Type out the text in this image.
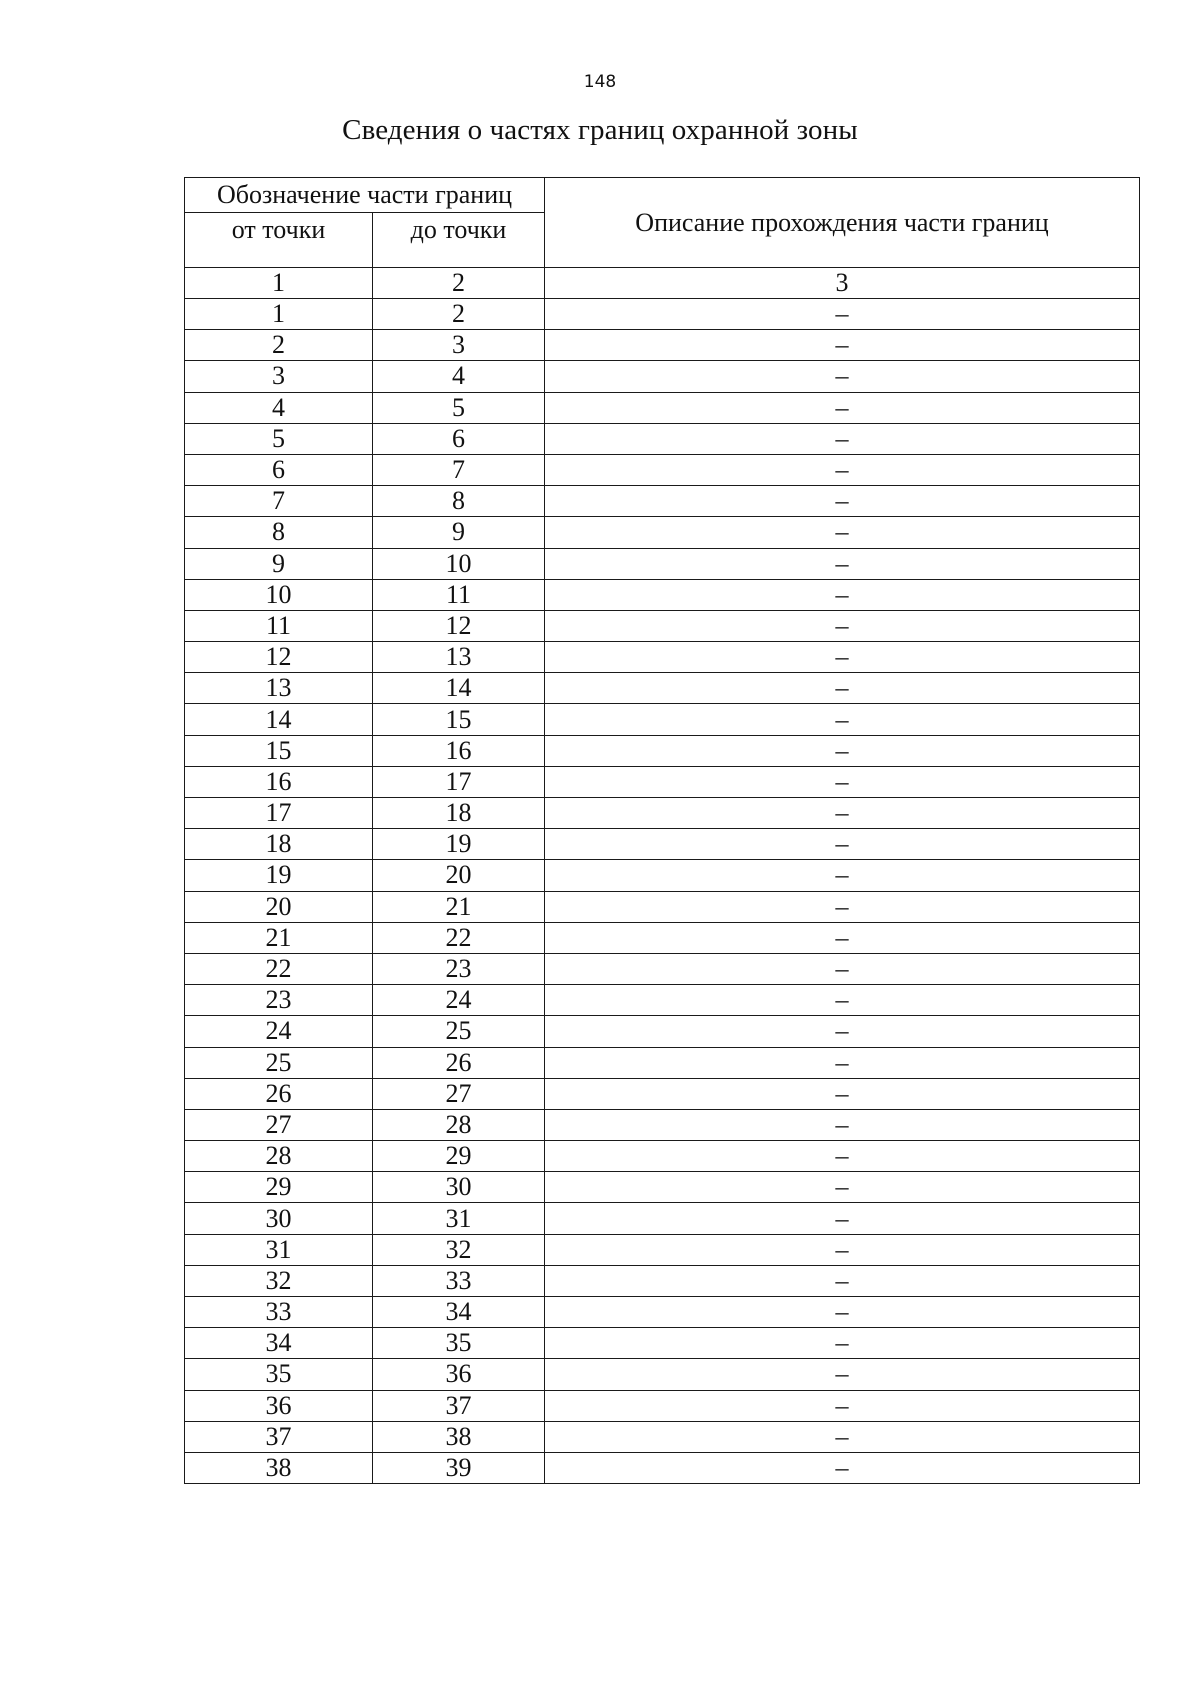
148
Сведения о частях границ охранной зоны
Обозначение части границ		Описание прохождения части границ
от точки	до точки	
1	2	3
1	2	–
2	3	–
3	4	–
4	5	–
5	6	–
6	7	–
7	8	–
8	9	–
9	10	–
10	11	–
11	12	–
12	13	–
13	14	–
14	15	–
15	16	–
16	17	–
17	18	–
18	19	–
19	20	–
20	21	–
21	22	–
22	23	–
23	24	–
24	25	–
25	26	–
26	27	–
27	28	–
28	29	–
29	30	–
30	31	–
31	32	–
32	33	–
33	34	–
34	35	–
35	36	–
36	37	–
37	38	–
38	39	–
